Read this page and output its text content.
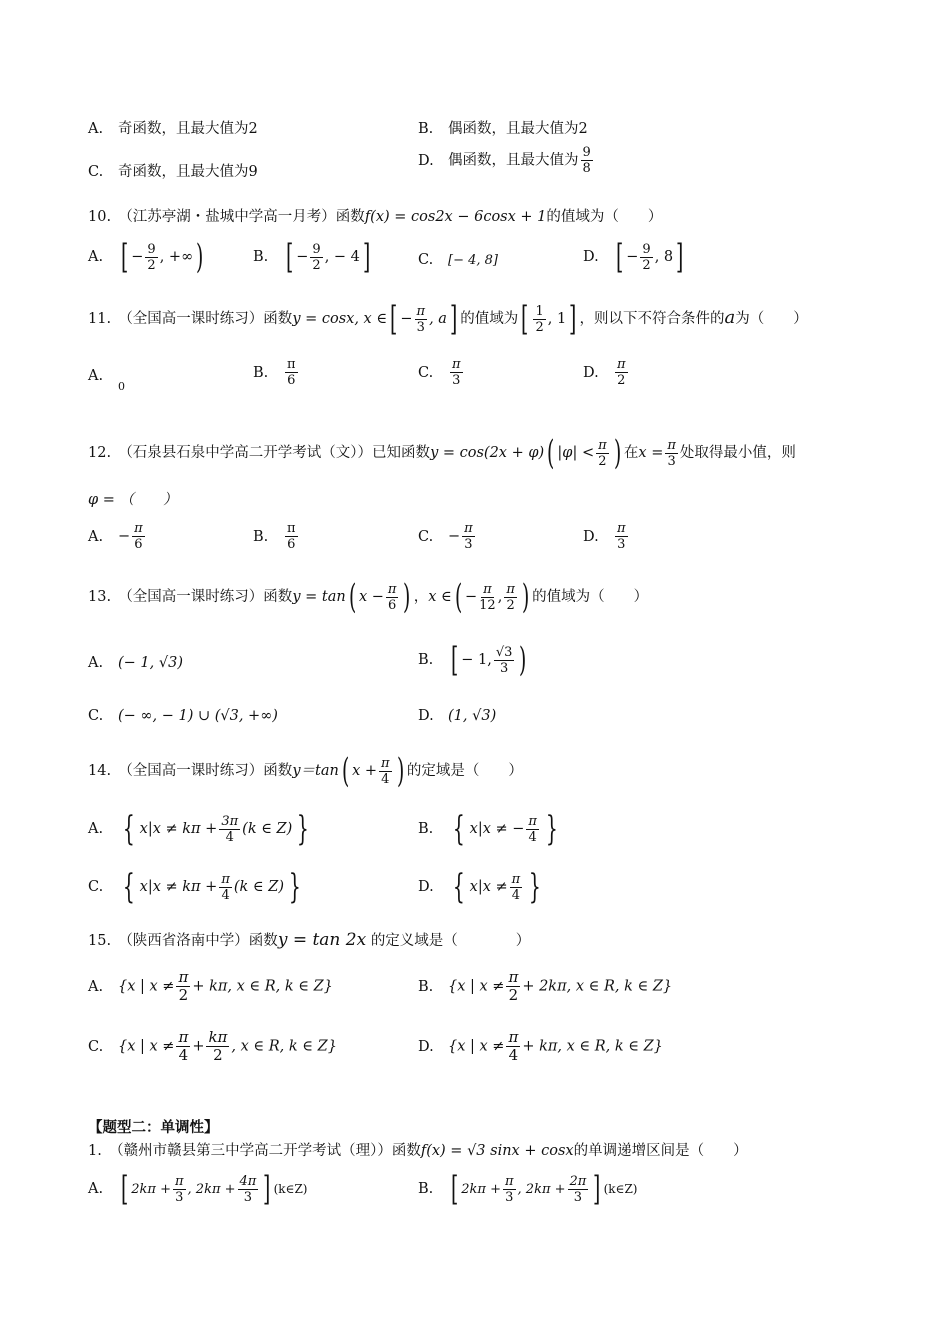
A. 奇函数，且最大值为2	B. 偶函数，且最大值为2
C. 奇函数，且最大值为9
D. 偶函数，且最大值为 $\frac{9}{8}$
10.　 （江苏亭湖・盐城中学高一月考）函数f(x) = cos2x − 6cosx + 1的值域为（　　）
A. [ − $\frac{9}{2}$ , +∞)	B. [ − $\frac{9}{2}$ , − 4]	C. [− 4, 8]	D. [ − $\frac{9}{2}$ , 8]
11.　 （全国高一课时练习）函数y = cosx, x ∈[ − $\frac{\pi}{3}$ , a] 的值域为[ $\frac{1}{2}$ , 1] ，则以下不符合条件的a为（　　）
$A._0$
B. $\frac{\pi}{6}$	C. $\frac{\pi}{3}$	D. $\frac{\pi}{2}$
12.　 （石泉县石泉中学高二开学考试（文））已知函数y = cos(2x + φ)( $|\varphi| < \frac{\pi}{2}$ ) 在$x = \frac{\pi}{3}$ 处取得最小值，则
φ = （　　）
A. − $\frac{\pi}{6}$	B. $\frac{\pi}{6}$	C. − $\frac{\pi}{3}$	D. $\frac{\pi}{3}$
13.　 （全国高一课时练习）函数y = tan( $x - \frac{\pi}{6}$ ) ，x ∈( − $\frac{\pi}{12}$ , $\frac{\pi}{2}$ ) 的值域为（　　）
A. (− 1, √3)	B. [ − 1, $\frac{√3}{3}$ )
C. (− ∞, − 1) ∪ (√3, +∞)	D. (1, √3)
14.　 （全国高一课时练习）函数y＝tan( $x + \frac{\pi}{4}$ ) 的定域是（　　）
A. { $x|x \ne k\pi + \frac{3\pi}{4} (k$ ∈ Z) }	B. { x|x ≠ − $\frac{\pi}{4}$ }
C. { $x|x \ne k\pi + \frac{\pi}{4} (k$ ∈ Z) }	D. { $x|x \ne \frac{\pi}{4}$ }
15.　 （陕西省洛南中学）函数y = tan 2x 的定义域是（　　　　）
A. {x | $x \ne \frac{\pi}{2} + k\pi$, x ∈ R, k ∈ Z}	B. {x | $x \ne \frac{\pi}{2} + 2k\pi$, x ∈ R, k ∈ Z}
C. {x | $x \ne \frac{\pi}{4} + \frac{k\pi}{2}$ , x ∈ R, k ∈ Z}	D. {x | $x \ne \frac{\pi}{4} + k\pi$, x ∈ R, k ∈ Z}
【题型二：单调性】
1.　 （赣州市赣县第三中学高二开学考试（理））函数f(x) = √3 sinx + cosx的单调递增区间是（　　）
A. [ $2k\pi + \frac{\pi}{3}$ , $2k\pi + \frac{4\pi}{3}$ ] (k∈Z)	B. [ $2k\pi + \frac{\pi}{3}$ , $2k\pi + \frac{2\pi}{3}$ ] (k∈Z)
